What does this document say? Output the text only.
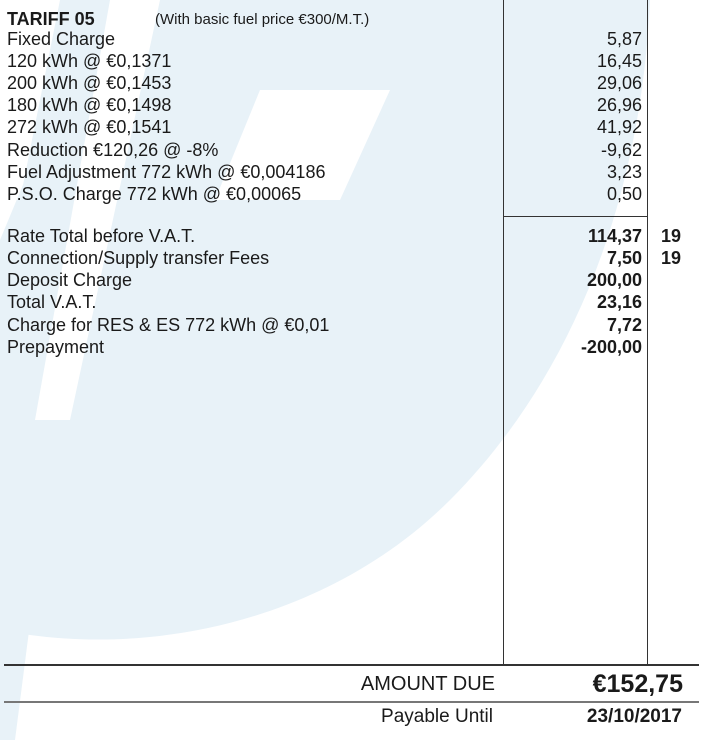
TARIFF 05	(With basic fuel price €300/M.T.)
Fixed Charge	5,87
120 kWh @ €0,1371	16,45
200 kWh @ €0,1453	29,06
180 kWh @ €0,1498	26,96
272 kWh @ €0,1541	41,92
Reduction €120,26 @ -8%	-9,62
Fuel Adjustment 772 kWh @ €0,004186	3,23
P.S.O. Charge 772 kWh @ €0,00065	0,50
Rate Total before V.A.T.	114,37 19
Connection/Supply transfer Fees	7,50 19
Deposit Charge	200,00
Total V.A.T.	23,16
Charge for RES & ES 772 kWh @ €0,01	7,72
Prepayment	-200,00
AMOUNT DUE	€152,75
Payable Until	23/10/2017
